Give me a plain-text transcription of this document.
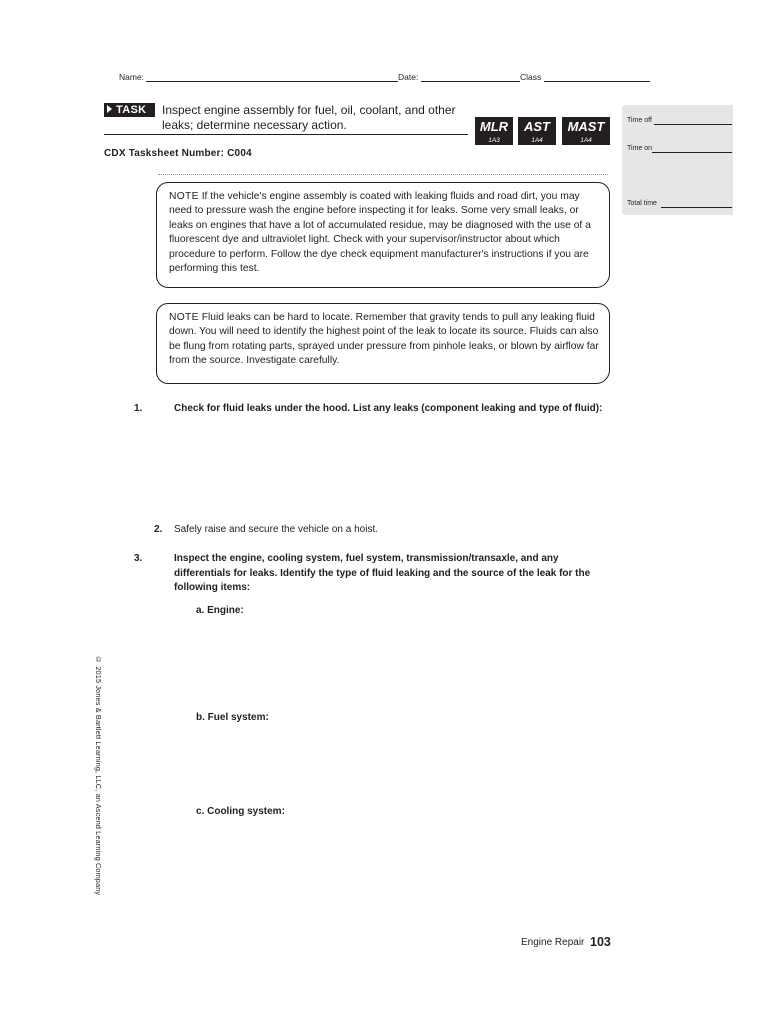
Name:	Date:	Class
TASK	Inspect engine assembly for fuel, oil, coolant, and other leaks; determine necessary action.	MLR
1A3
AST
1A4
MAST
1A4
CDX Tasksheet Number: C004
Time off
Time on
Total time
NOTE If the vehicle's engine assembly is coated with leaking fluids and road dirt, you may need to pressure wash the engine before inspecting it for leaks. Some very small leaks, or leaks on engines that have a lot of accumulated residue, may be diagnosed with the use of a fluorescent dye and ultraviolet light. Check with your supervisor/instructor about which procedure to perform. Follow the dye check equipment manufacturer's instructions if you are performing this test.
NOTE Fluid leaks can be hard to locate. Remember that gravity tends to pull any leaking fluid down. You will need to identify the highest point of the leak to locate its source. Fluids can also be flung from rotating parts, sprayed under pressure from pinhole leaks, or blown by airflow far from the source. Investigate carefully.
1.	Check for fluid leaks under the hood. List any leaks (component leaking and type of fluid):
2. Safely raise and secure the vehicle on a hoist.
3.	Inspect the engine, cooling system, fuel system, transmission/transaxle, and any differentials for leaks. Identify the type of fluid leaking and the source of the leak for the following items:
a. Engine:
b. Fuel system:
c. Cooling system:
© 2015 Jones & Bartlett Learning, LLC, an Ascend Learning Company
Engine Repair 103
